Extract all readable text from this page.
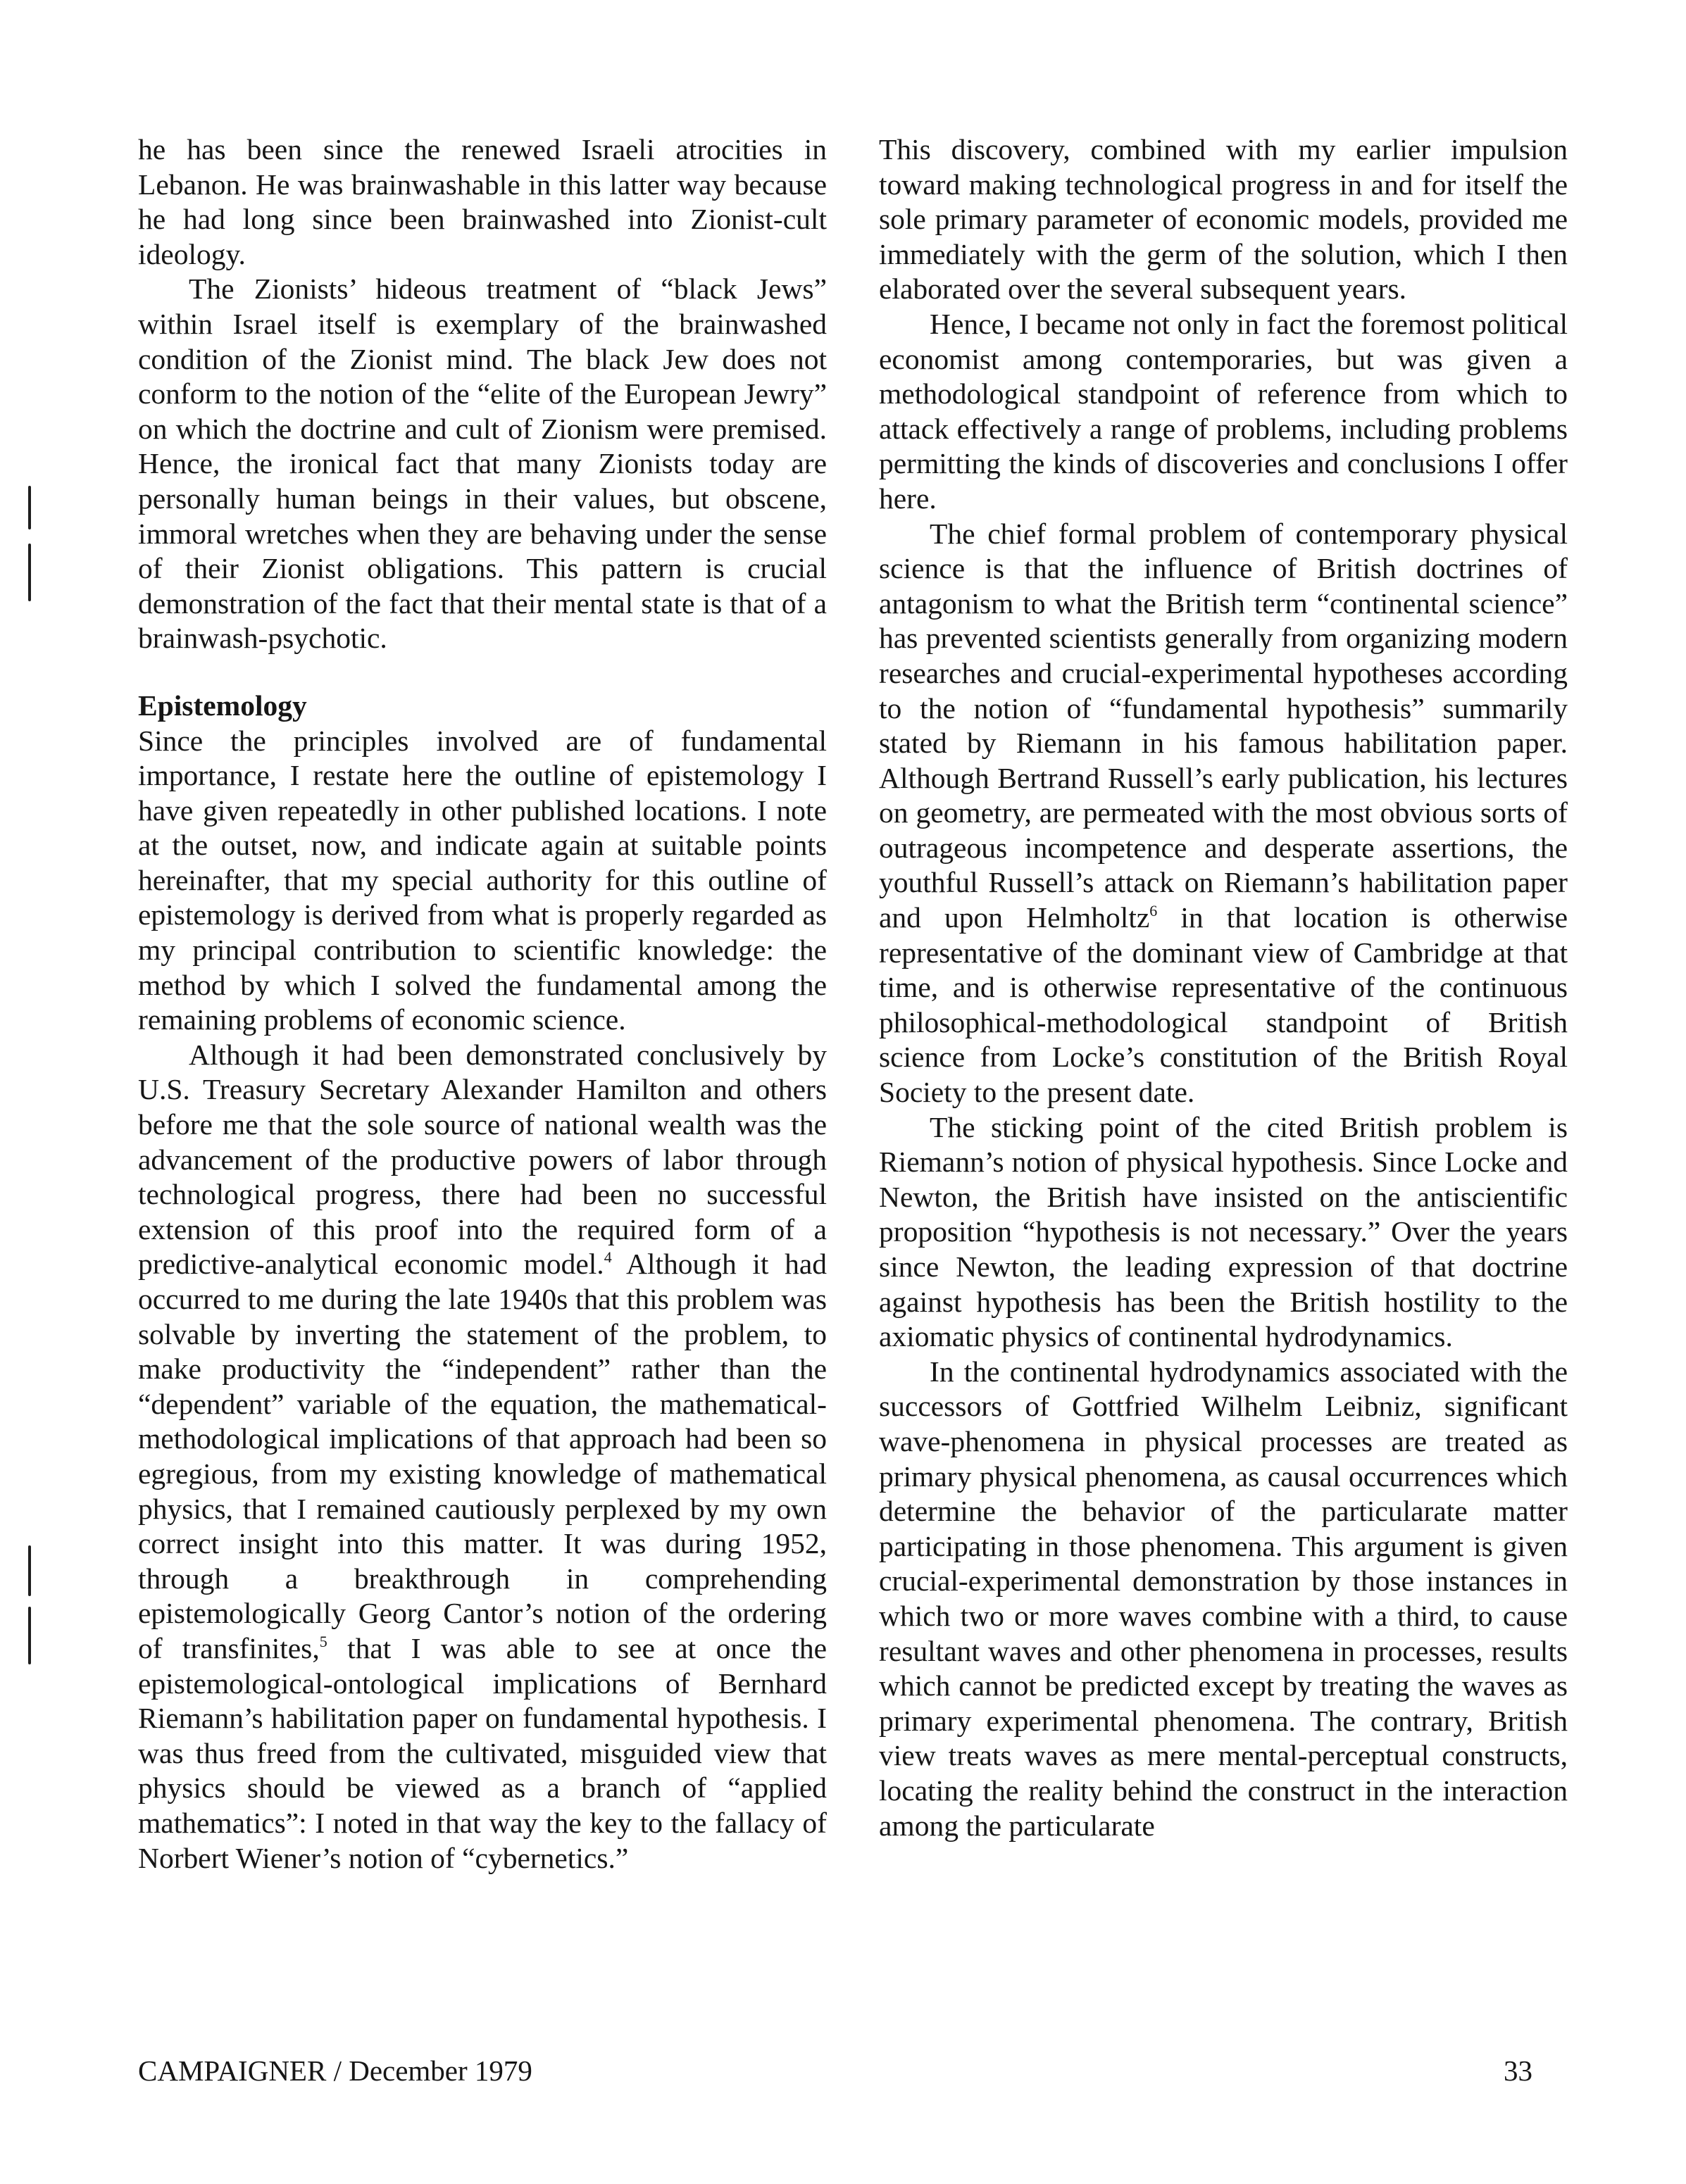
he has been since the renewed Israeli atrocities in Lebanon. He was brainwashable in this latter way because he had long since been brainwashed into Zionist-cult ideology.

The Zionists’ hideous treatment of “black Jews” within Israel itself is exemplary of the brainwashed condition of the Zionist mind. The black Jew does not conform to the notion of the “elite of the European Jewry” on which the doctrine and cult of Zionism were premised. Hence, the ironical fact that many Zionists today are personally human beings in their values, but obscene, immoral wretches when they are behaving under the sense of their Zionist obligations. This pattern is crucial demonstration of the fact that their mental state is that of a brainwash-psychotic.

Epistemology

Since the principles involved are of fundamental importance, I restate here the outline of epistemology I have given repeatedly in other published locations. I note at the outset, now, and indicate again at suitable points hereinafter, that my special authority for this outline of epistemology is derived from what is properly regarded as my principal contribution to scientific knowledge: the method by which I solved the fundamental among the remaining problems of economic science.

Although it had been demonstrated conclusively by U.S. Treasury Secretary Alexander Hamilton and others before me that the sole source of national wealth was the advancement of the productive powers of labor through technological progress, there had been no successful extension of this proof into the required form of a predictive-analytical economic model.$^4$ Although it had occurred to me during the late 1940s that this problem was solvable by inverting the statement of the problem, to make productivity the “independent” rather than the “dependent” variable of the equation, the mathematical-methodological implications of that approach had been so egregious, from my existing knowledge of mathematical physics, that I remained cautiously perplexed by my own correct insight into this matter. It was during 1952, through a breakthrough in comprehending epistemologically Georg Cantor’s notion of the ordering of transfinites,$^5$ that I was able to see at once the epistemological-ontological implications of Bernhard Riemann’s habilitation paper on fundamental hypothesis. I was thus freed from the cultivated, misguided view that physics should be viewed as a branch of “applied mathematics”: I noted in that way the key to the fallacy of Norbert Wiener’s notion of “cybernetics.”

This discovery, combined with my earlier impulsion toward making technological progress in and for itself the sole primary parameter of economic models, provided me immediately with the germ of the solution, which I then elaborated over the several subsequent years.

Hence, I became not only in fact the foremost political economist among contemporaries, but was given a methodological standpoint of reference from which to attack effectively a range of problems, including problems permitting the kinds of discoveries and conclusions I offer here.

The chief formal problem of contemporary physical science is that the influence of British doctrines of antagonism to what the British term “continental science” has prevented scientists generally from organizing modern researches and crucial-experimental hypotheses according to the notion of “fundamental hypothesis” summarily stated by Riemann in his famous habilitation paper. Although Bertrand Russell’s early publication, his lectures on geometry, are permeated with the most obvious sorts of outrageous incompetence and desperate assertions, the youthful Russell’s attack on Riemann’s habilitation paper and upon Helmholtz$^6$ in that location is otherwise representative of the dominant view of Cambridge at that time, and is otherwise representative of the continuous philosophical-methodological standpoint of British science from Locke’s constitution of the British Royal Society to the present date.

The sticking point of the cited British problem is Riemann’s notion of physical hypothesis. Since Locke and Newton, the British have insisted on the antiscientific proposition “hypothesis is not necessary.” Over the years since Newton, the leading expression of that doctrine against hypothesis has been the British hostility to the axiomatic physics of continental hydrodynamics.

In the continental hydrodynamics associated with the successors of Gottfried Wilhelm Leibniz, significant wave-phenomena in physical processes are treated as primary physical phenomena, as causal occurrences which determine the behavior of the particularate matter participating in those phenomena. This argument is given crucial-experimental demonstration by those instances in which two or more waves combine with a third, to cause resultant waves and other phenomena in processes, results which cannot be predicted except by treating the waves as primary experimental phenomena. The contrary, British view treats waves as mere mental-perceptual constructs, locating the reality behind the construct in the interaction among the particularate

CAMPAIGNER / December 1979	33
